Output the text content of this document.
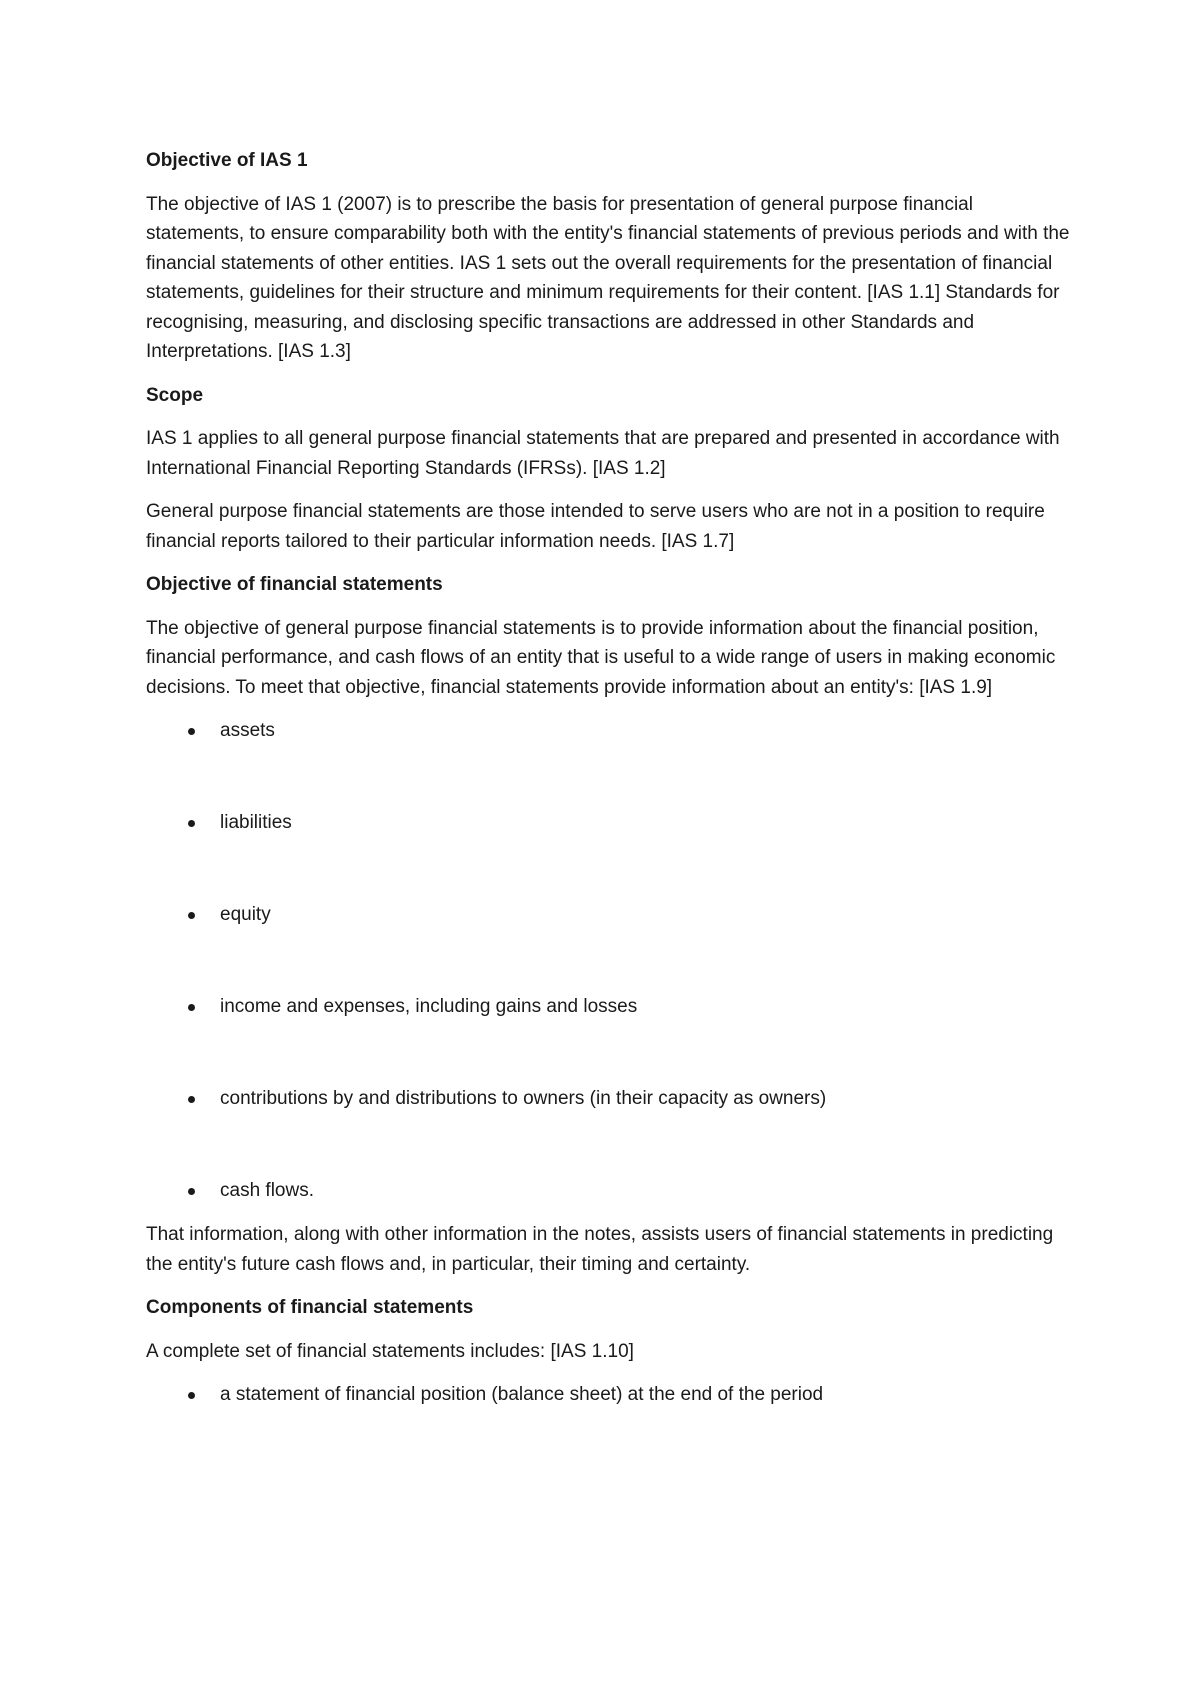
Objective of IAS 1
The objective of IAS 1 (2007) is to prescribe the basis for presentation of general purpose financial statements, to ensure comparability both with the entity's financial statements of previous periods and with the financial statements of other entities. IAS 1 sets out the overall requirements for the presentation of financial statements, guidelines for their structure and minimum requirements for their content. [IAS 1.1] Standards for recognising, measuring, and disclosing specific transactions are addressed in other Standards and Interpretations. [IAS 1.3]
Scope
IAS 1 applies to all general purpose financial statements that are prepared and presented in accordance with International Financial Reporting Standards (IFRSs). [IAS 1.2]
General purpose financial statements are those intended to serve users who are not in a position to require financial reports tailored to their particular information needs. [IAS 1.7]
Objective of financial statements
The objective of general purpose financial statements is to provide information about the financial position, financial performance, and cash flows of an entity that is useful to a wide range of users in making economic decisions. To meet that objective, financial statements provide information about an entity's: [IAS 1.9]
assets
liabilities
equity
income and expenses, including gains and losses
contributions by and distributions to owners (in their capacity as owners)
cash flows.
That information, along with other information in the notes, assists users of financial statements in predicting the entity's future cash flows and, in particular, their timing and certainty.
Components of financial statements
A complete set of financial statements includes: [IAS 1.10]
a statement of financial position (balance sheet) at the end of the period
